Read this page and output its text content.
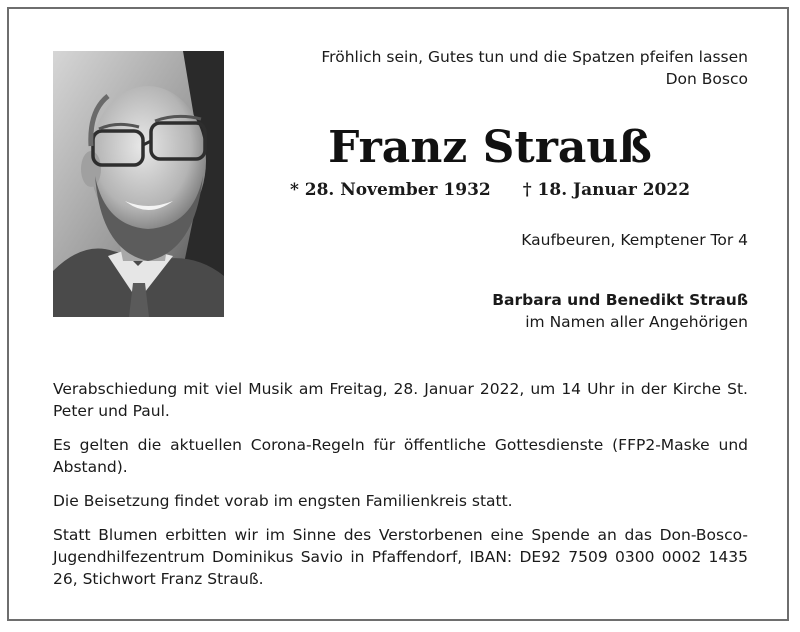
Fröhlich sein, Gutes tun und die Spatzen pfeifen lassen
Don Bosco
Franz Strauß
* 28. November 1932 † 18. Januar 2022
Kaufbeuren, Kemptener Tor 4
Barbara und Benedikt Strauß
im Namen aller Angehörigen

Verabschiedung mit viel Musik am Freitag, 28. Januar 2022, um 14 Uhr in der Kirche St. Peter und Paul.

Es gelten die aktuellen Corona-Regeln für öffentliche Gottesdienste (FFP2-Maske und Abstand).

Die Beisetzung findet vorab im engsten Familienkreis statt.

Statt Blumen erbitten wir im Sinne des Verstorbenen eine Spende an das Don-Bosco-Jugendhilfezentrum Dominikus Savio in Pfaffendorf, IBAN: DE92 7509 0300 0002 1435 26, Stichwort Franz Strauß.
